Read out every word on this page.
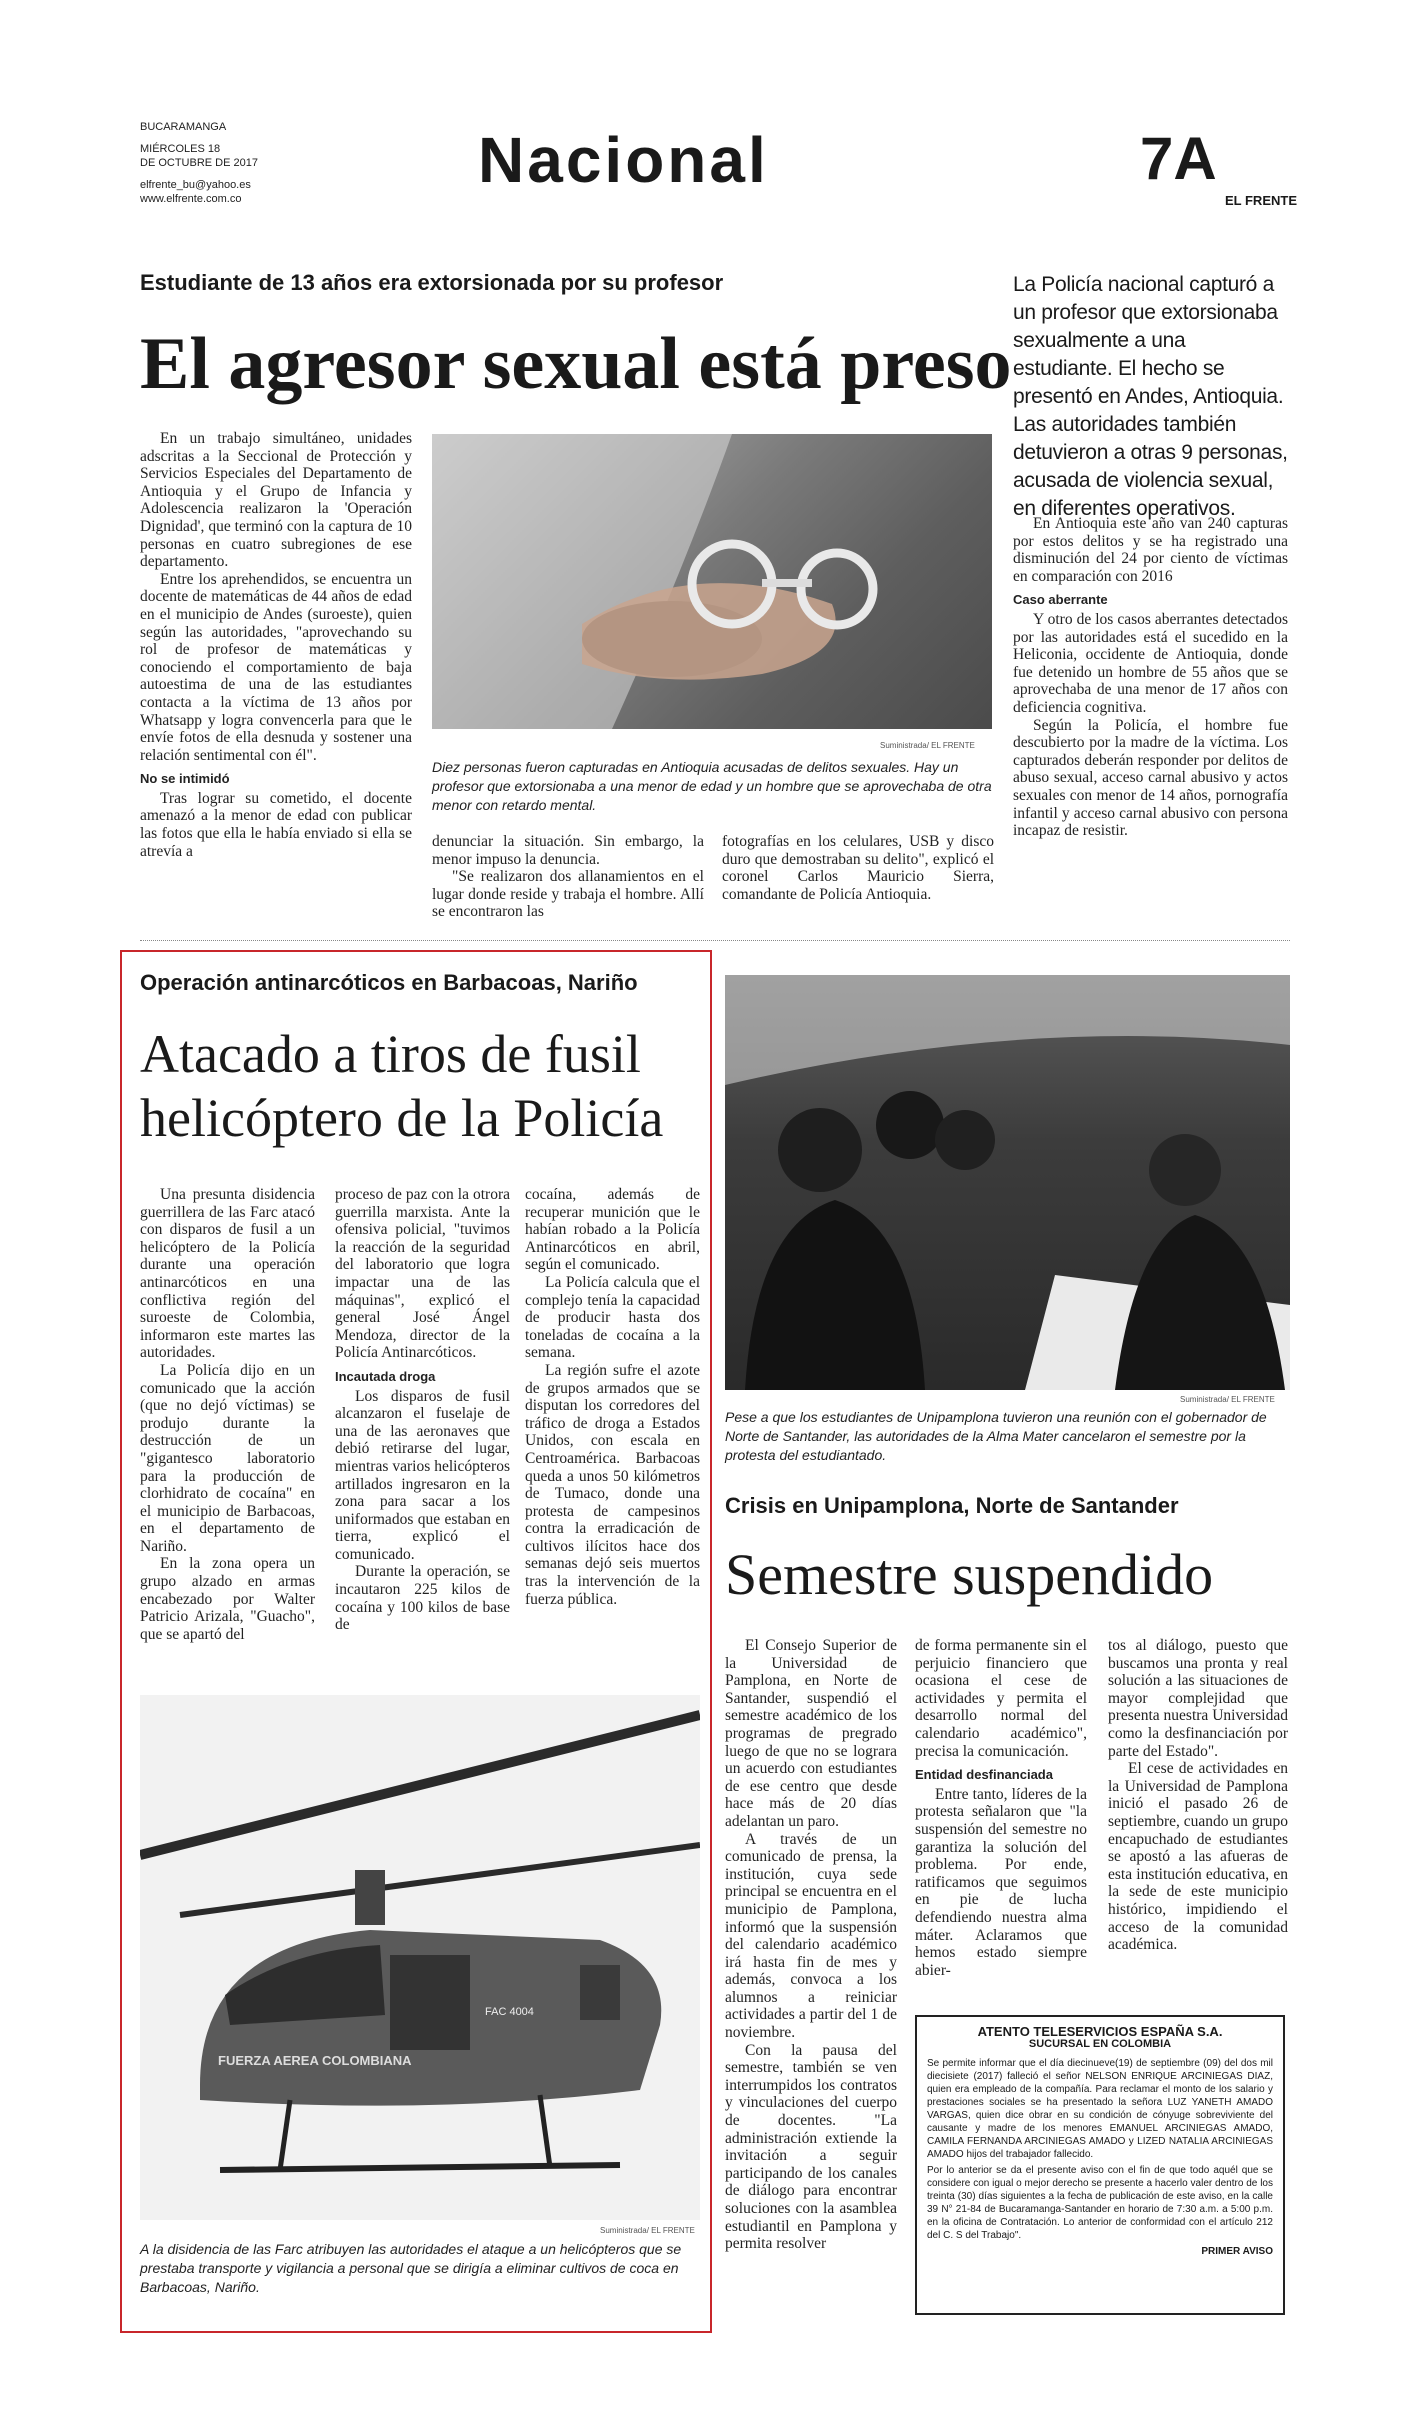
BUCARAMANGA
MIÉRCOLES 18
DE OCTUBRE DE 2017
elfrente_bu@yahoo.es
www.elfrente.com.co
Nacional	7A
EL FRENTE
Estudiante de 13 años era extorsionada por su profesor
El agresor sexual está preso
La Policía nacional capturó a un profesor que extorsionaba sexualmente a una estudiante. El hecho se presentó en Andes, Antioquia. Las autoridades también detuvieron a otras 9 personas, acusada de violencia sexual, en diferentes operativos.

En un trabajo simultáneo, unidades adscritas a la Seccional de Protección y Servicios Especiales del Departamento de Antioquia y el Grupo de Infancia y Adolescencia realizaron la 'Operación Dignidad', que terminó con la captura de 10 personas en cuatro subregiones de ese departamento.

Entre los aprehendidos, se encuentra un docente de matemáticas de 44 años de edad en el municipio de Andes (suroeste), quien según las autoridades, "aprovechando su rol de profesor de matemáticas y conociendo el comportamiento de baja autoestima de una de las estudiantes contacta a la víctima de 13 años por Whatsapp y logra convencerla para que le envíe fotos de ella desnuda y sostener una relación sentimental con él".

No se intimidó

Tras lograr su cometido, el docente amenazó a la menor de edad con publicar las fotos que ella le había enviado si ella se atrevía a

Suministrada/ EL FRENTE
Diez personas fueron capturadas en Antioquia acusadas de delitos sexuales. Hay un profesor que extorsionaba a una menor de edad y un hombre que se aprovechaba de otra menor con retardo mental.

denunciar la situación. Sin embargo, la menor impuso la denuncia.

"Se realizaron dos allanamientos en el lugar donde reside y trabaja el hombre. Allí se encontraron las

fotografías en los celulares, USB y disco duro que demostraban su delito", explicó el coronel Carlos Mauricio Sierra, comandante de Policía Antioquia.

En Antioquia este año van 240 capturas por estos delitos y se ha registrado una disminución del 24 por ciento de víctimas en comparación con 2016

Caso aberrante

Y otro de los casos aberrantes detectados por las autoridades está el sucedido en la Heliconia, occidente de Antioquia, donde fue detenido un hombre de 55 años que se aprovechaba de una menor de 17 años con deficiencia cognitiva.

Según la Policía, el hombre fue descubierto por la madre de la víctima. Los capturados deberán responder por delitos de abuso sexual, acceso carnal abusivo y actos sexuales con menor de 14 años, pornografía infantil y acceso carnal abusivo con persona incapaz de resistir.

Operación antinarcóticos en Barbacoas, Nariño
Atacado a tiros de fusil
helicóptero de la Policía

Una presunta disidencia guerrillera de las Farc atacó con disparos de fusil a un helicóptero de la Policía durante una operación antinarcóticos en una conflictiva región del suroeste de Colombia, informaron este martes las autoridades.

La Policía dijo en un comunicado que la acción (que no dejó víctimas) se produjo durante la destrucción de un "gigantesco laboratorio para la producción de clorhidrato de cocaína" en el municipio de Barbacoas, en el departamento de Nariño.

En la zona opera un grupo alzado en armas encabezado por Walter Patricio Arizala, "Guacho", que se apartó del

proceso de paz con la otrora guerrilla marxista. Ante la ofensiva policial, "tuvimos la reacción de la seguridad del laboratorio que logra impactar una de las máquinas", explicó el general José Ángel Mendoza, director de la Policía Antinarcóticos.

Incautada droga

Los disparos de fusil alcanzaron el fuselaje de una de las aeronaves que debió retirarse del lugar, mientras varios helicópteros artillados ingresaron en la zona para sacar a los uniformados que estaban en tierra, explicó el comunicado.

Durante la operación, se incautaron 225 kilos de cocaína y 100 kilos de base de

cocaína, además de recuperar munición que le habían robado a la Policía Antinarcóticos en abril, según el comunicado.

La Policía calcula que el complejo tenía la capacidad de producir hasta dos toneladas de cocaína a la semana.

La región sufre el azote de grupos armados que se disputan los corredores del tráfico de droga a Estados Unidos, con escala en Centroamérica. Barbacoas queda a unos 50 kilómetros de Tumaco, donde una protesta de campesinos contra la erradicación de cultivos ilícitos hace dos semanas dejó seis muertos tras la intervención de la fuerza pública.

FUERZA AEREA COLOMBIANA
FAC 4004
Suministrada/ EL FRENTE
A la disidencia de las Farc atribuyen las autoridades el ataque a un helicópteros que se prestaba transporte y vigilancia a personal que se dirigía a eliminar cultivos de coca en Barbacoas, Nariño.
Suministrada/ EL FRENTE
Pese a que los estudiantes de Unipamplona tuvieron una reunión con el gobernador de Norte de Santander, las autoridades de la Alma Mater cancelaron el semestre por la protesta del estudiantado.
Crisis en Unipamplona, Norte de Santander
Semestre suspendido

El Consejo Superior de la Universidad de Pamplona, en Norte de Santander, suspendió el semestre académico de los programas de pregrado luego de que no se lograra un acuerdo con estudiantes de ese centro que desde hace más de 20 días adelantan un paro.

A través de un comunicado de prensa, la institución, cuya sede principal se encuentra en el municipio de Pamplona, informó que la suspensión del calendario académico irá hasta fin de mes y además, convoca a los alumnos a reiniciar actividades a partir del 1 de noviembre.

Con la pausa del semestre, también se ven interrumpidos los contratos y vinculaciones del cuerpo de docentes. "La administración extiende la invitación a seguir participando de los canales de diálogo para encontrar soluciones con la asamblea estudiantil en Pamplona y permita resolver

de forma permanente sin el perjuicio financiero que ocasiona el cese de actividades y permita el desarrollo normal del calendario académico", precisa la comunicación.

Entidad desfinanciada

Entre tanto, líderes de la protesta señalaron que "la suspensión del semestre no garantiza la solución del problema. Por ende, ratificamos que seguimos en pie de lucha defendiendo nuestra alma máter. Aclaramos que hemos estado siempre abier-

tos al diálogo, puesto que buscamos una pronta y real solución a las situaciones de mayor complejidad que presenta nuestra Universidad como la desfinanciación por parte del Estado".

El cese de actividades en la Universidad de Pamplona inició el pasado 26 de septiembre, cuando un grupo encapuchado de estudiantes se apostó a las afueras de esta institución educativa, en la sede de este municipio histórico, impidiendo el acceso de la comunidad académica.

ATENTO TELESERVICIOS ESPAÑA S.A.
SUCURSAL EN COLOMBIA

Se permite informar que el día diecinueve(19) de septiembre (09) del dos mil diecisiete (2017) falleció el señor NELSON ENRIQUE ARCINIEGAS DIAZ, quien era empleado de la compañía. Para reclamar el monto de los salario y prestaciones sociales se ha presentado la señora LUZ YANETH AMADO VARGAS, quien dice obrar en su condición de cónyuge sobreviviente del causante y madre de los menores EMANUEL ARCINIEGAS AMADO, CAMILA FERNANDA ARCINIEGAS AMADO y LIZED NATALIA ARCINIEGAS AMADO hijos del trabajador fallecido.

Por lo anterior se da el presente aviso con el fin de que todo aquél que se considere con igual o mejor derecho se presente a hacerlo valer dentro de los treinta (30) días siguientes a la fecha de publicación de este aviso, en la calle 39 N° 21-84 de Bucaramanga-Santander en horario de 7:30 a.m. a 5:00 p.m. en la oficina de Contratación. Lo anterior de conformidad con el artículo 212 del C. S del Trabajo".

PRIMER AVISO
